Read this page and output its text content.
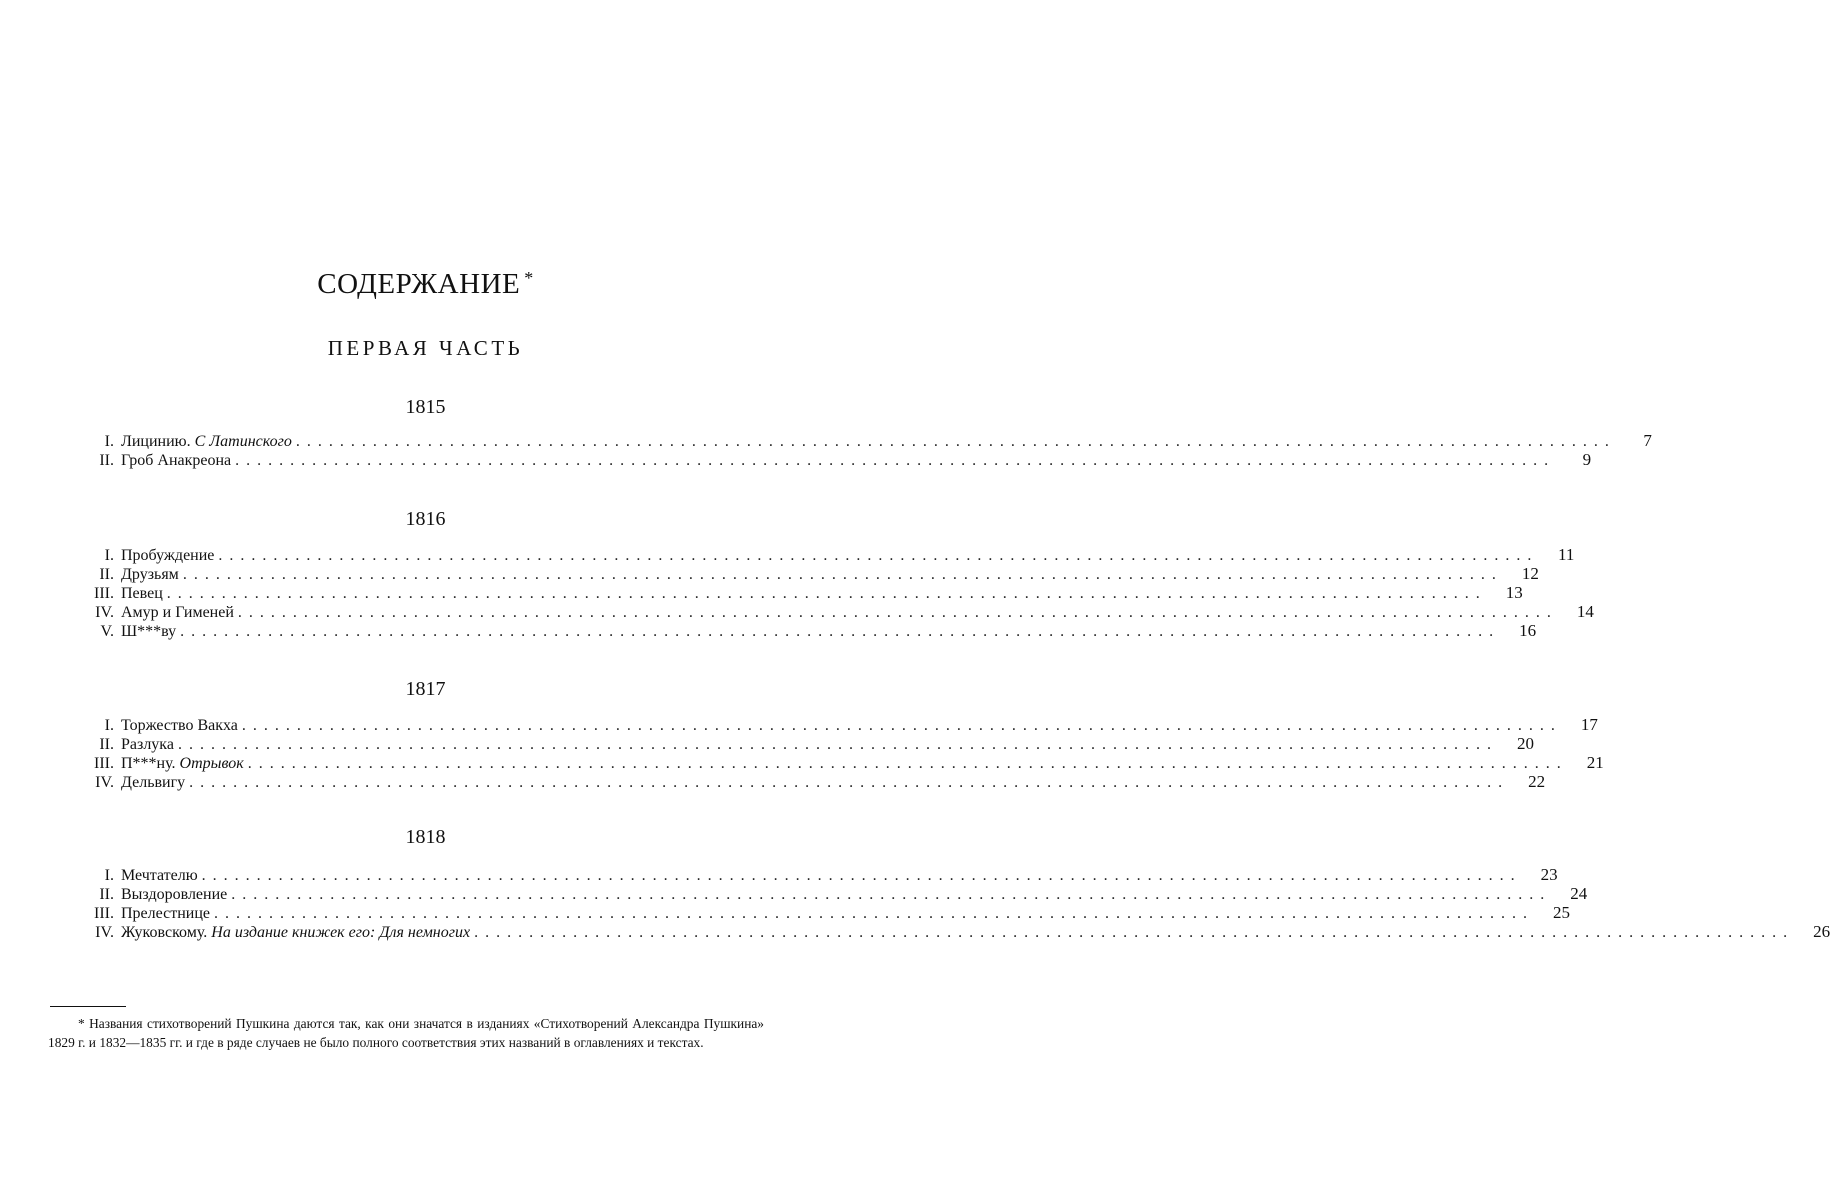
СОДЕРЖАНИЕ *
ПЕРВАЯ ЧАСТЬ
1815
I. Лицинию. С Латинского ........................................................................................................................	7
II. Гроб Анакреона ........................................................................................................................	9
1816
I. Пробуждение ........................................................................................................................	11
II. Друзьям ........................................................................................................................	12
III. Певец ........................................................................................................................	13
IV. Амур и Гименей ........................................................................................................................	14
V. Ш***ву ........................................................................................................................	16
1817
I. Торжество Вакха ........................................................................................................................	17
II. Разлука ........................................................................................................................	20
III. П***ну. Отрывок ........................................................................................................................	21
IV. Дельвигу ........................................................................................................................	22
1818
I. Мечтателю ........................................................................................................................	23
II. Выздоровление ........................................................................................................................	24
III. Прелестнице ........................................................................................................................	25
IV. Жуковскому. На издание книжек его: Для немногих ........................................................................................................................	26
* Названия стихотворений Пушкина даются так, как они значатся в изданиях «Стихотворений Александра Пушкина» 1829 г. и 1832—1835 гг. и где в ряде случаев не было полного соответствия этих названий в оглавлениях и текстах.
